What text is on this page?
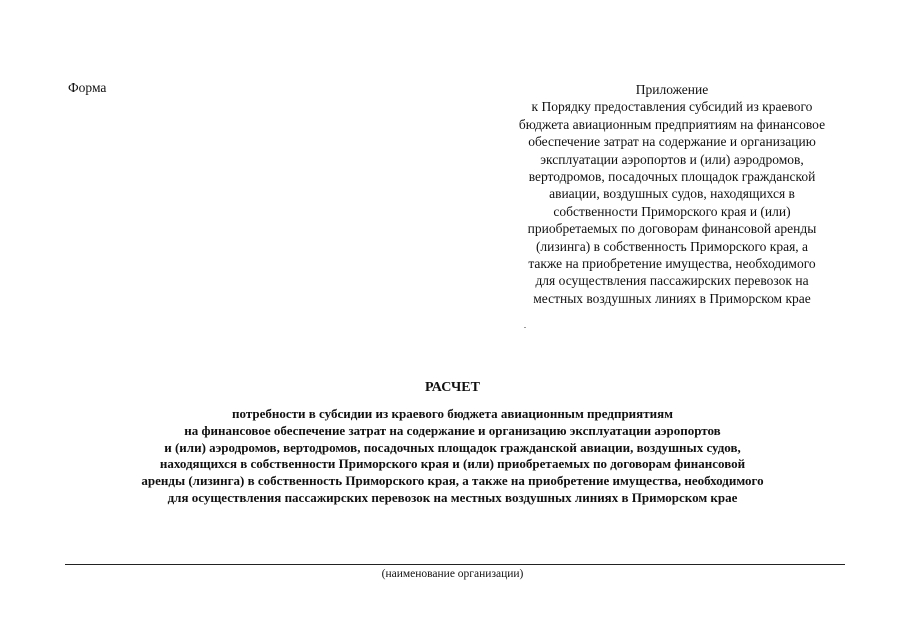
Форма	Приложение
к Порядку предоставления субсидий из краевого
бюджета авиационным предприятиям на финансовое
обеспечение затрат на содержание и организацию
эксплуатации аэропортов и (или) аэродромов,
вертодромов, посадочных площадок гражданской
авиации, воздушных судов, находящихся в
собственности Приморского края и (или)
приобретаемых по договорам финансовой аренды
(лизинга) в собственность Приморского края, а
также на приобретение имущества, необходимого
для осуществления пассажирских перевозок на
местных воздушных линиях в Приморском крае
РАСЧЕТ
потребности в субсидии из краевого бюджета авиационным предприятиям
на финансовое обеспечение затрат на содержание и организацию эксплуатации аэропортов
и (или) аэродромов, вертодромов, посадочных площадок гражданской авиации, воздушных судов,
находящихся в собственности Приморского края и (или) приобретаемых по договорам финансовой
аренды (лизинга) в собственность Приморского края, а также на приобретение имущества, необходимого
для осуществления пассажирских перевозок на местных воздушных линиях в Приморском крае
(наименование организации)
